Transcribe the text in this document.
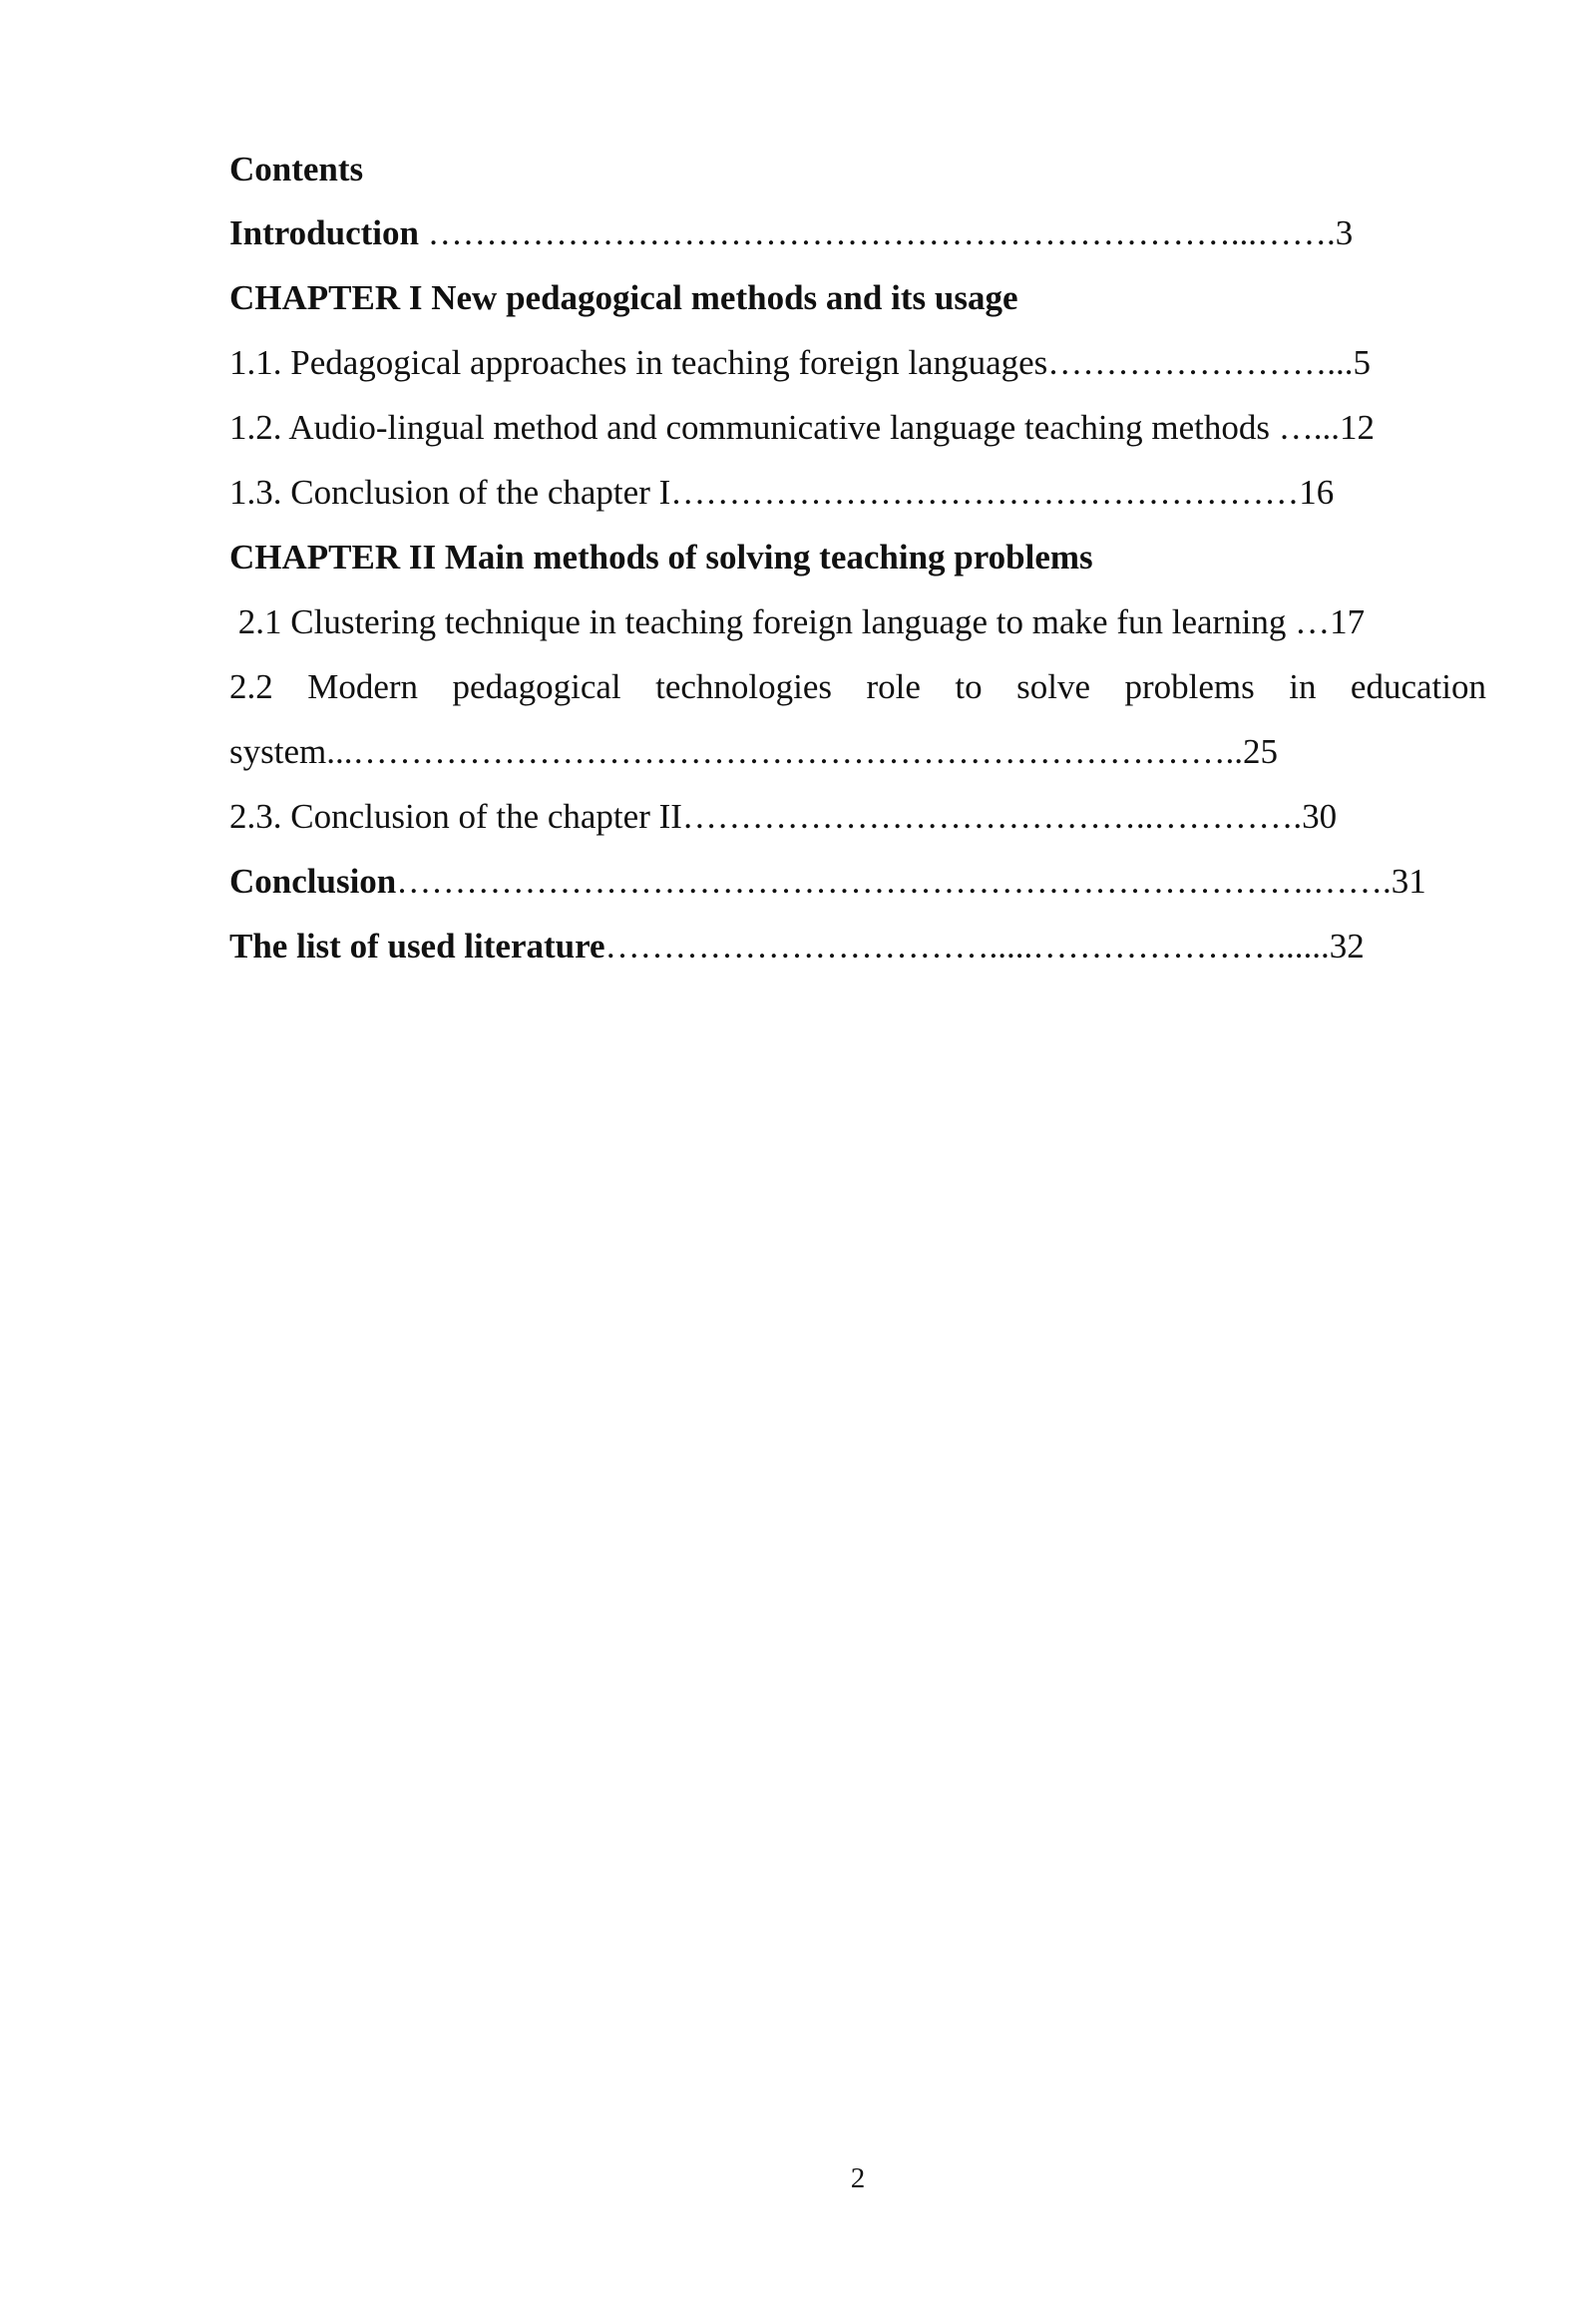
Contents
Introduction ……………………………………………………………...…….3
CHAPTER I New pedagogical methods and its usage
1.1. Pedagogical approaches in teaching foreign languages……………………...5
1.2. Audio-lingual method and communicative language teaching methods …...12
1.3. Conclusion of the chapter I………………………………………………16
CHAPTER II Main methods of solving teaching problems
2.1 Clustering technique in teaching foreign language to make fun learning …17
2.2 Modern pedagogical technologies role to solve problems in education
system...…………………………………………………………………..25
2.3. Conclusion of the chapter II…………………………………..………….30
Conclusion…………………………………………………………………….…….31
The list of used literature…………………………….....…………………......32
2
